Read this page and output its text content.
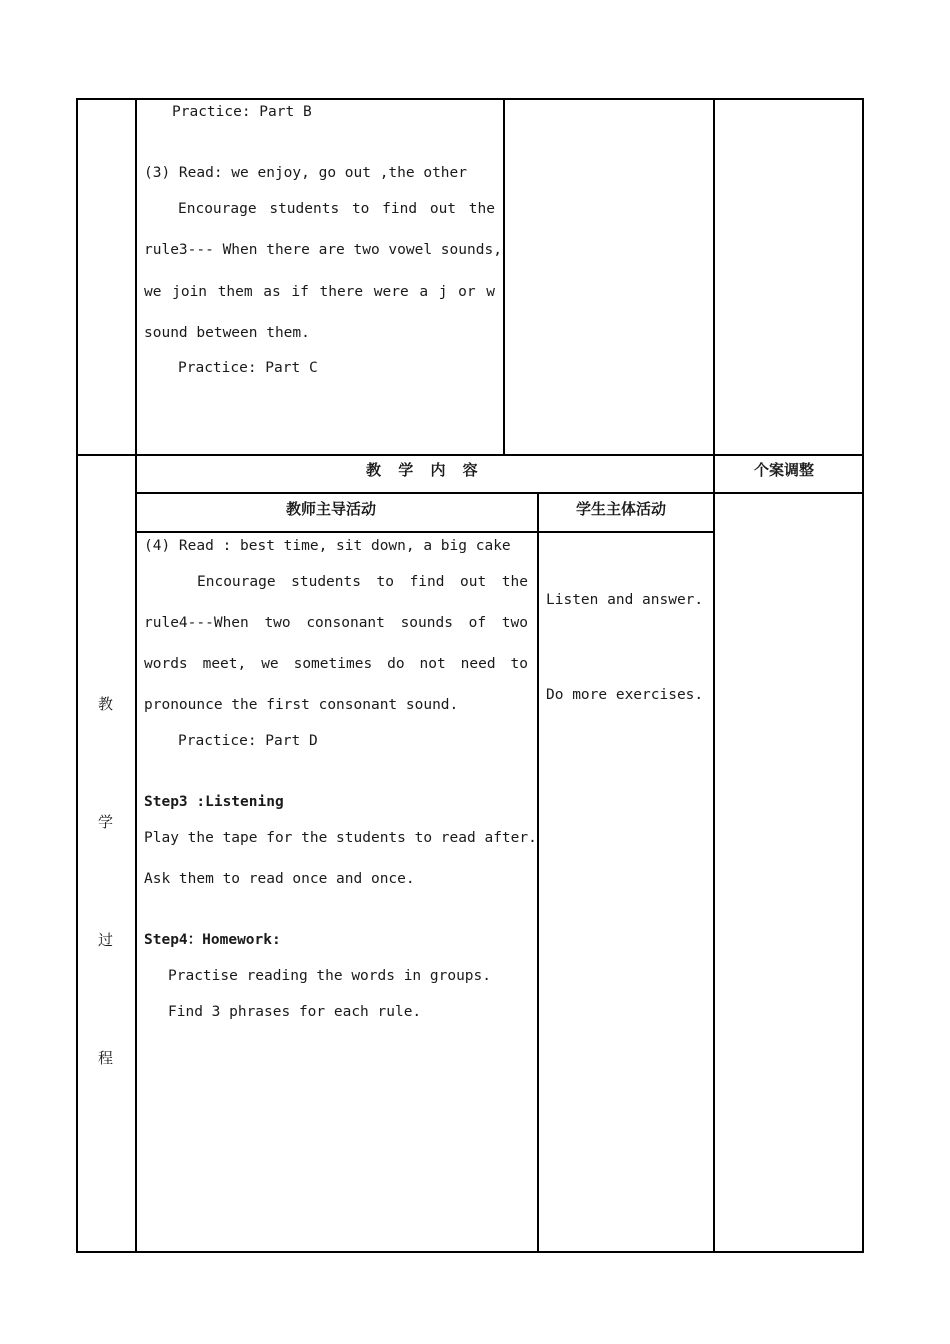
Practice: Part B
(3) Read: we enjoy, go out ,the other
Encourage students to find out the
rule3--- When there are two vowel sounds,
we join them as if there were a j or w
sound between them.
Practice: Part C
教 学 内 容	个案调整
教师主导活动	学生主体活动
教
学
过
程
(4) Read : best time, sit down, a big cake
Encourage students to find out the
rule4---When two consonant sounds of two
words meet, we sometimes do not need to
pronounce the first consonant sound.
Practice: Part D
Step3 :Listening
Play the tape for the students to read after.
Ask them to read once and once.
Step4：Homework:
Practise reading the words in groups.
Find 3 phrases for each rule.
Listen and answer.
Do more exercises.
